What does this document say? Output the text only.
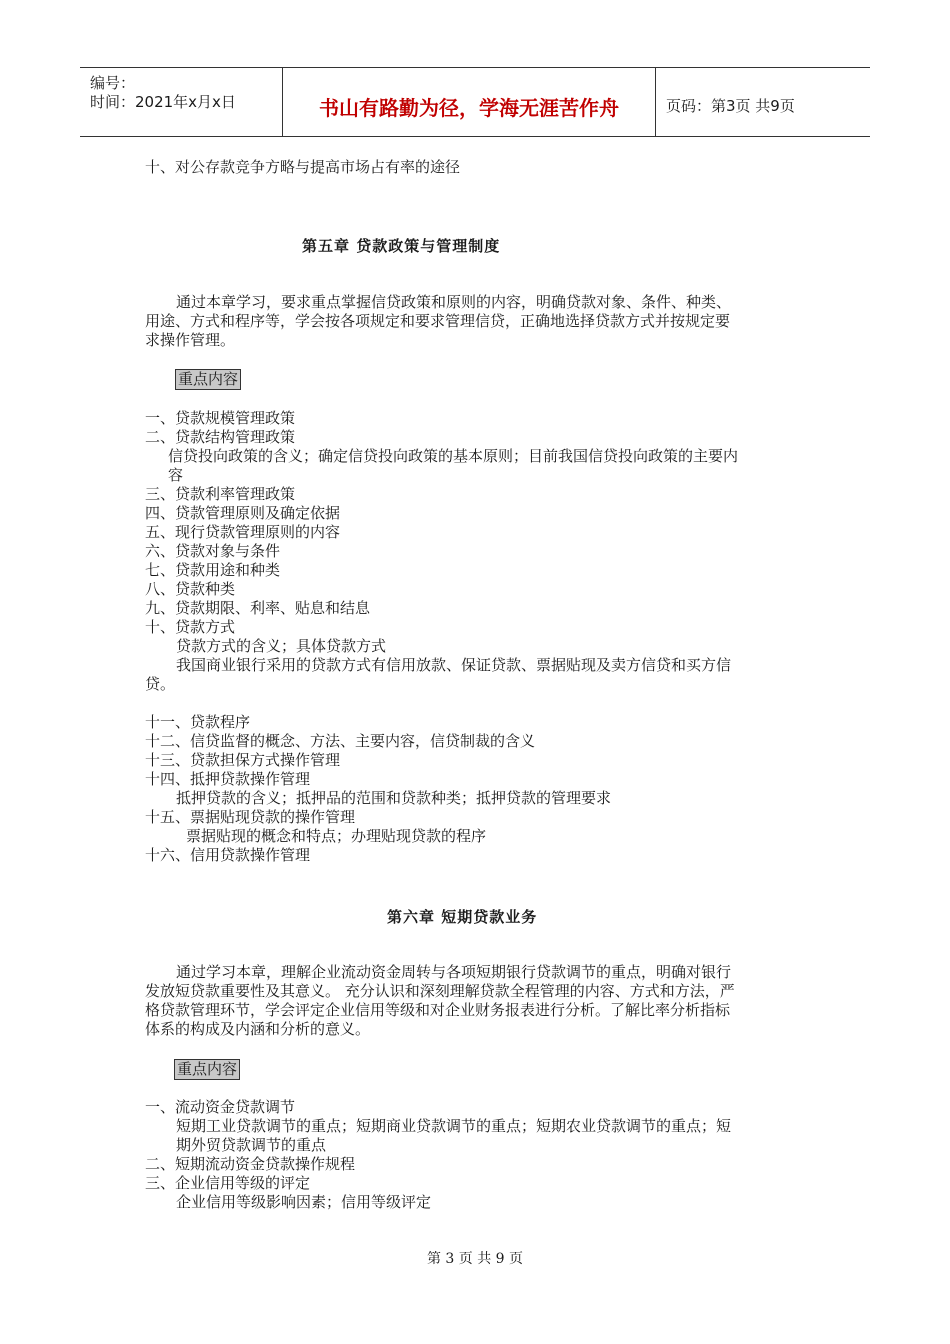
编号：
时间：2021年x月x日	书山有路勤为径，学海无涯苦作舟	页码：第3页 共9页
十、对公存款竞争方略与提高市场占有率的途径
第五章 贷款政策与管理制度
通过本章学习，要求重点掌握信贷政策和原则的内容，明确贷款对象、条件、种类、
用途、方式和程序等，学会按各项规定和要求管理信贷，正确地选择贷款方式并按规定要
求操作管理。
重点内容
一、贷款规模管理政策
二、贷款结构管理政策
信贷投向政策的含义；确定信贷投向政策的基本原则；目前我国信贷投向政策的主要内
容
三、贷款利率管理政策
四、贷款管理原则及确定依据
五、现行贷款管理原则的内容
六、贷款对象与条件
七、贷款用途和种类
八、贷款种类
九、贷款期限、利率、贴息和结息
十、贷款方式
贷款方式的含义；具体贷款方式
我国商业银行采用的贷款方式有信用放款、保证贷款、票据贴现及卖方信贷和买方信
贷。
十一、贷款程序
十二、信贷监督的概念、方法、主要内容，信贷制裁的含义
十三、贷款担保方式操作管理
十四、抵押贷款操作管理
抵押贷款的含义；抵押品的范围和贷款种类；抵押贷款的管理要求
十五、票据贴现贷款的操作管理
票据贴现的概念和特点；办理贴现贷款的程序
十六、信用贷款操作管理
第六章 短期贷款业务
通过学习本章，理解企业流动资金周转与各项短期银行贷款调节的重点，明确对银行
发放短贷款重要性及其意义。 充分认识和深刻理解贷款全程管理的内容、方式和方法，严
格贷款管理环节，学会评定企业信用等级和对企业财务报表进行分析。了解比率分析指标
体系的构成及内涵和分析的意义。
重点内容
一、流动资金贷款调节
短期工业贷款调节的重点；短期商业贷款调节的重点；短期农业贷款调节的重点；短
期外贸贷款调节的重点
二、短期流动资金贷款操作规程
三、企业信用等级的评定
企业信用等级影响因素；信用等级评定
第 3 页 共 9 页
